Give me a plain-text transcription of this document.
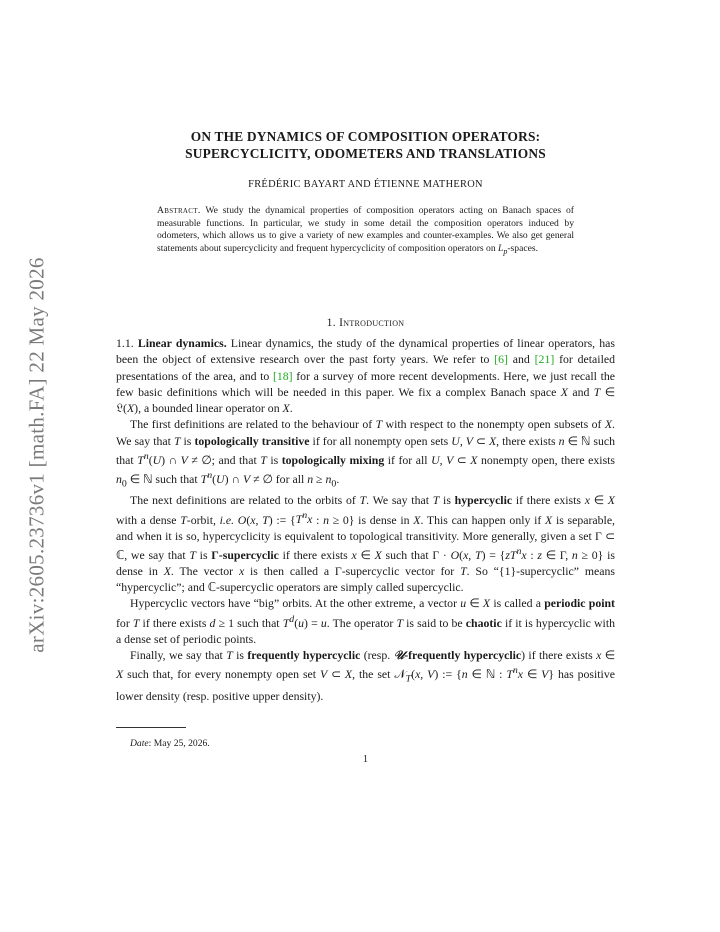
arXiv:2605.23736v1 [math.FA] 22 May 2026
ON THE DYNAMICS OF COMPOSITION OPERATORS:
SUPERCYCLICITY, ODOMETERS AND TRANSLATIONS
FRÉDÉRIC BAYART AND ÉTIENNE MATHERON
Abstract. We study the dynamical properties of composition operators acting on Banach spaces of measurable functions. In particular, we study in some detail the composition operators induced by odometers, which allows us to give a variety of new examples and counter-examples. We also get general statements about supercyclicity and frequent hypercyclicity of composition operators on $L_p$-spaces.
1. Introduction

1.1. Linear dynamics. Linear dynamics, the study of the dynamical properties of linear operators, has been the object of extensive research over the past forty years. We refer to [6] and [21] for detailed presentations of the area, and to [18] for a survey of more recent developments. Here, we just recall the few basic definitions which will be needed in this paper. We fix a complex Banach space X and T ∈ 𝔏(X), a bounded linear operator on X.

The first definitions are related to the behaviour of T with respect to the nonempty open subsets of X. We say that T is topologically transitive if for all nonempty open sets U, V ⊂ X, there exists n ∈ ℕ such that $T^n(U)$ ∩ V ≠ ∅; and that T is topologically mixing if for all U, V ⊂ X nonempty open, there exists $n_0$ ∈ ℕ such that $T^n(U)$ ∩ V ≠ ∅ for all $n \ge n_0$.

The next definitions are related to the orbits of T. We say that T is hypercyclic if there exists x ∈ X with a dense T-orbit, i.e. O(x, T) := {$T^nx$ : n ≥ 0} is dense in X. This can happen only if X is separable, and when it is so, hypercyclicity is equivalent to topological transitivity. More generally, given a set Γ ⊂ ℂ, we say that T is Γ-supercyclic if there exists x ∈ X such that Γ · O(x, $T) = \{zT^nx$ : z ∈ Γ, n ≥ 0} is dense in X. The vector x is then called a Γ-supercyclic vector for T. So “{1}-supercyclic” means “hypercyclic”; and ℂ-supercyclic operators are simply called supercyclic.

Hypercyclic vectors have “big” orbits. At the other extreme, a vector u ∈ X is called a periodic point for T if there exists d ≥ 1 such that $T^d(u) = u$. The operator T is said to be chaotic if it is hypercyclic with a dense set of periodic points.

Finally, we say that T is frequently hypercyclic (resp. 𝒰-frequently hypercyclic) if there exists x ∈ X such that, for every nonempty open set V ⊂ X, the set 𝒩$_T$(x, V) := {n ∈ ℕ : $T^nx$ ∈ V} has positive lower density (resp. positive upper density).

Date: May 25, 2026.
1
